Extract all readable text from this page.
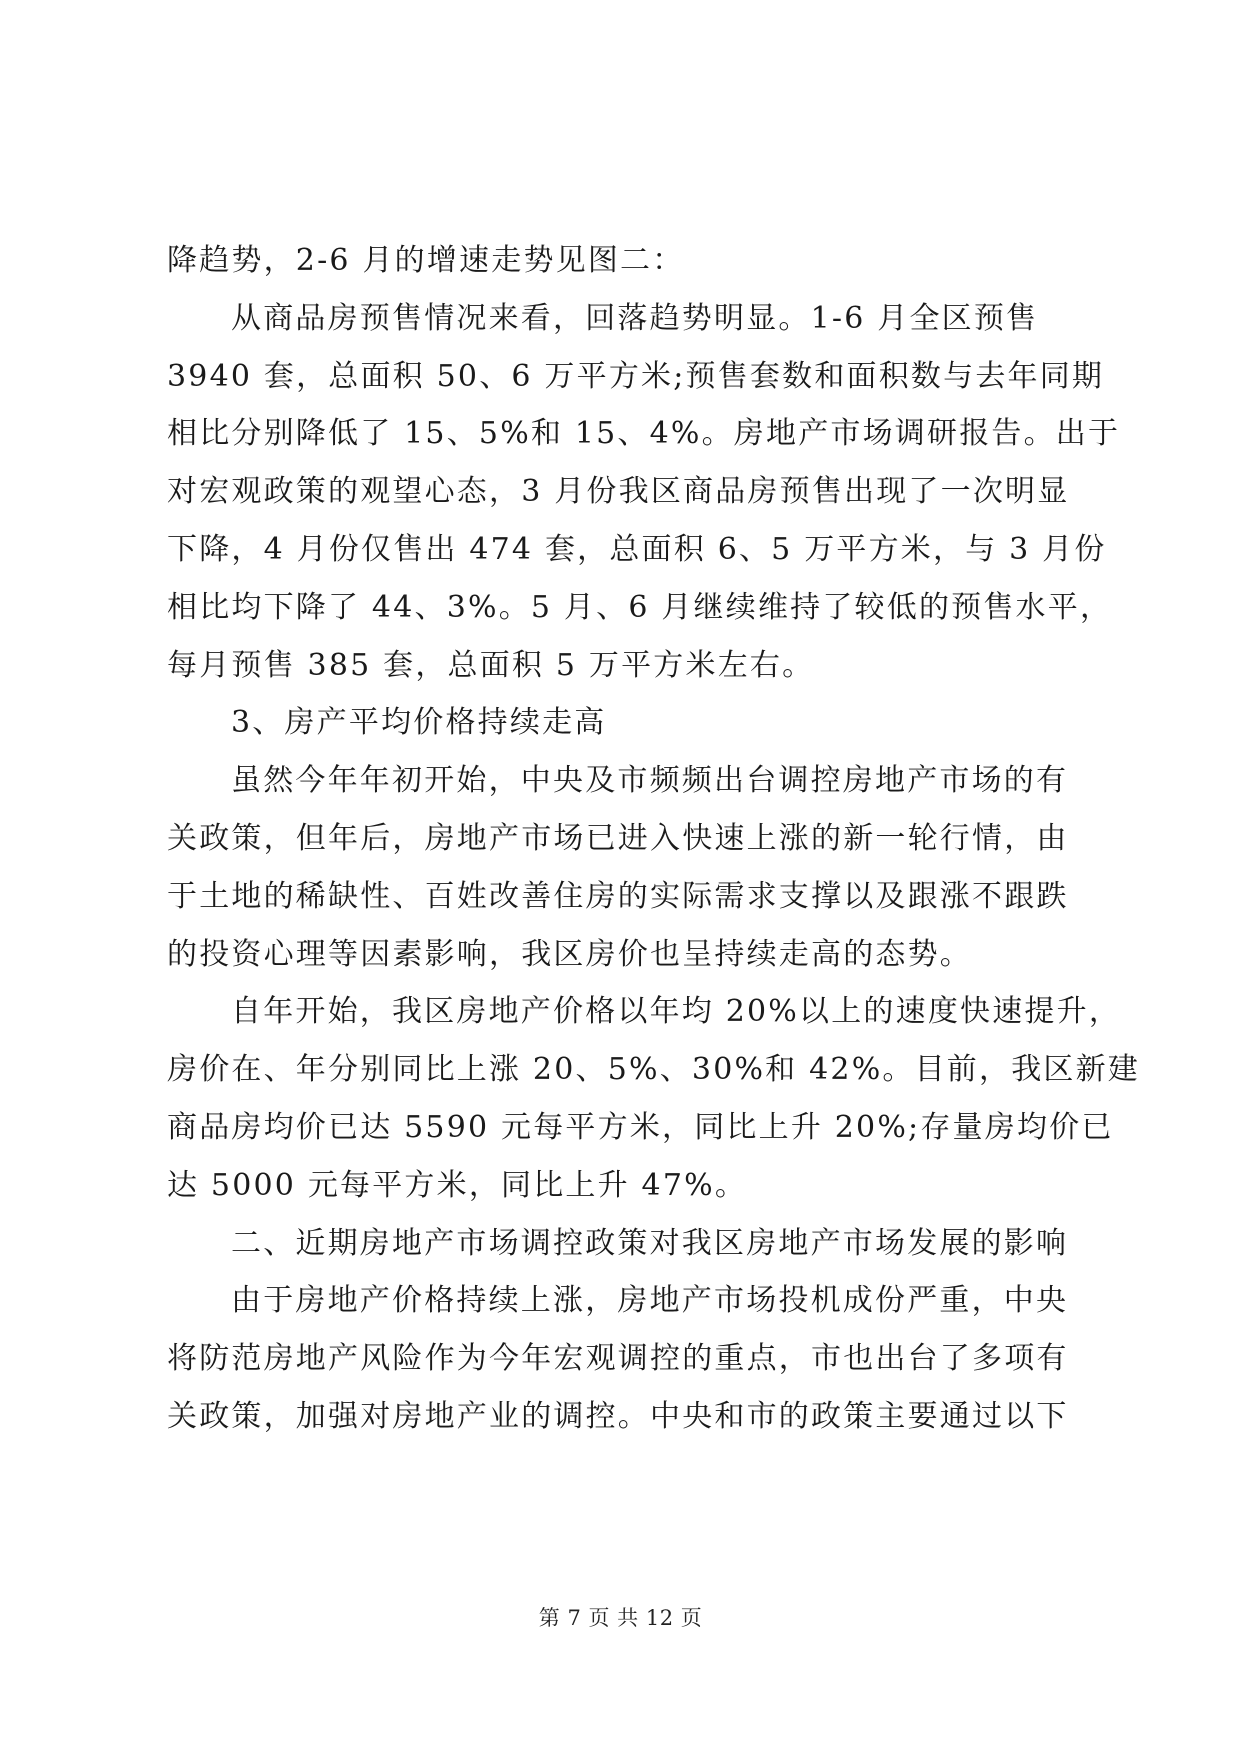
降趋势，2-6 月的增速走势见图二：
从商品房预售情况来看，回落趋势明显。1-6 月全区预售
3940 套，总面积 50、6 万平方米;预售套数和面积数与去年同期
相比分别降低了 15、5%和 15、4%。房地产市场调研报告。出于
对宏观政策的观望心态，3 月份我区商品房预售出现了一次明显
下降，4 月份仅售出 474 套，总面积 6、5 万平方米，与 3 月份
相比均下降了 44、3%。5 月、6 月继续维持了较低的预售水平，
每月预售 385 套，总面积 5 万平方米左右。
3、房产平均价格持续走高
虽然今年年初开始，中央及市频频出台调控房地产市场的有
关政策，但年后，房地产市场已进入快速上涨的新一轮行情，由
于土地的稀缺性、百姓改善住房的实际需求支撑以及跟涨不跟跌
的投资心理等因素影响，我区房价也呈持续走高的态势。
自年开始，我区房地产价格以年均 20%以上的速度快速提升，
房价在、年分别同比上涨 20、5%、30%和 42%。目前，我区新建
商品房均价已达 5590 元每平方米，同比上升 20%;存量房均价已
达 5000 元每平方米，同比上升 47%。
二、近期房地产市场调控政策对我区房地产市场发展的影响
由于房地产价格持续上涨，房地产市场投机成份严重，中央
将防范房地产风险作为今年宏观调控的重点，市也出台了多项有
关政策，加强对房地产业的调控。中央和市的政策主要通过以下
第 7 页 共 12 页
